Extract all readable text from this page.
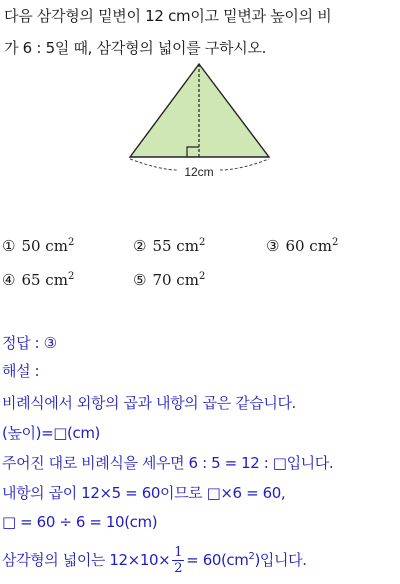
다음 삼각형의 밑변이 12 cm이고 밑변과 높이의 비
가 6 : 5일 때, 삼각형의 넓이를 구하시오.
12cm
① 50 $cm^2$	② 55 $cm^2$	③ 60 $cm^2$
④ 65 $cm^2$	⑤ 70 $cm^2$
정답 : ③
해설 :
비례식에서 외항의 곱과 내항의 곱은 같습니다.
(높이)=□(cm)
주어진 대로 비례식을 세우면 6 : 5 = 12 : □입니다.
내항의 곱이 12×5 = 60이므로 □×6 = 60,
□ = 60 ÷ 6 = 10(cm)
삼각형의 넓이는 $12\times 10\times \frac{1}{2} = 60(cm^2)$입니다.
